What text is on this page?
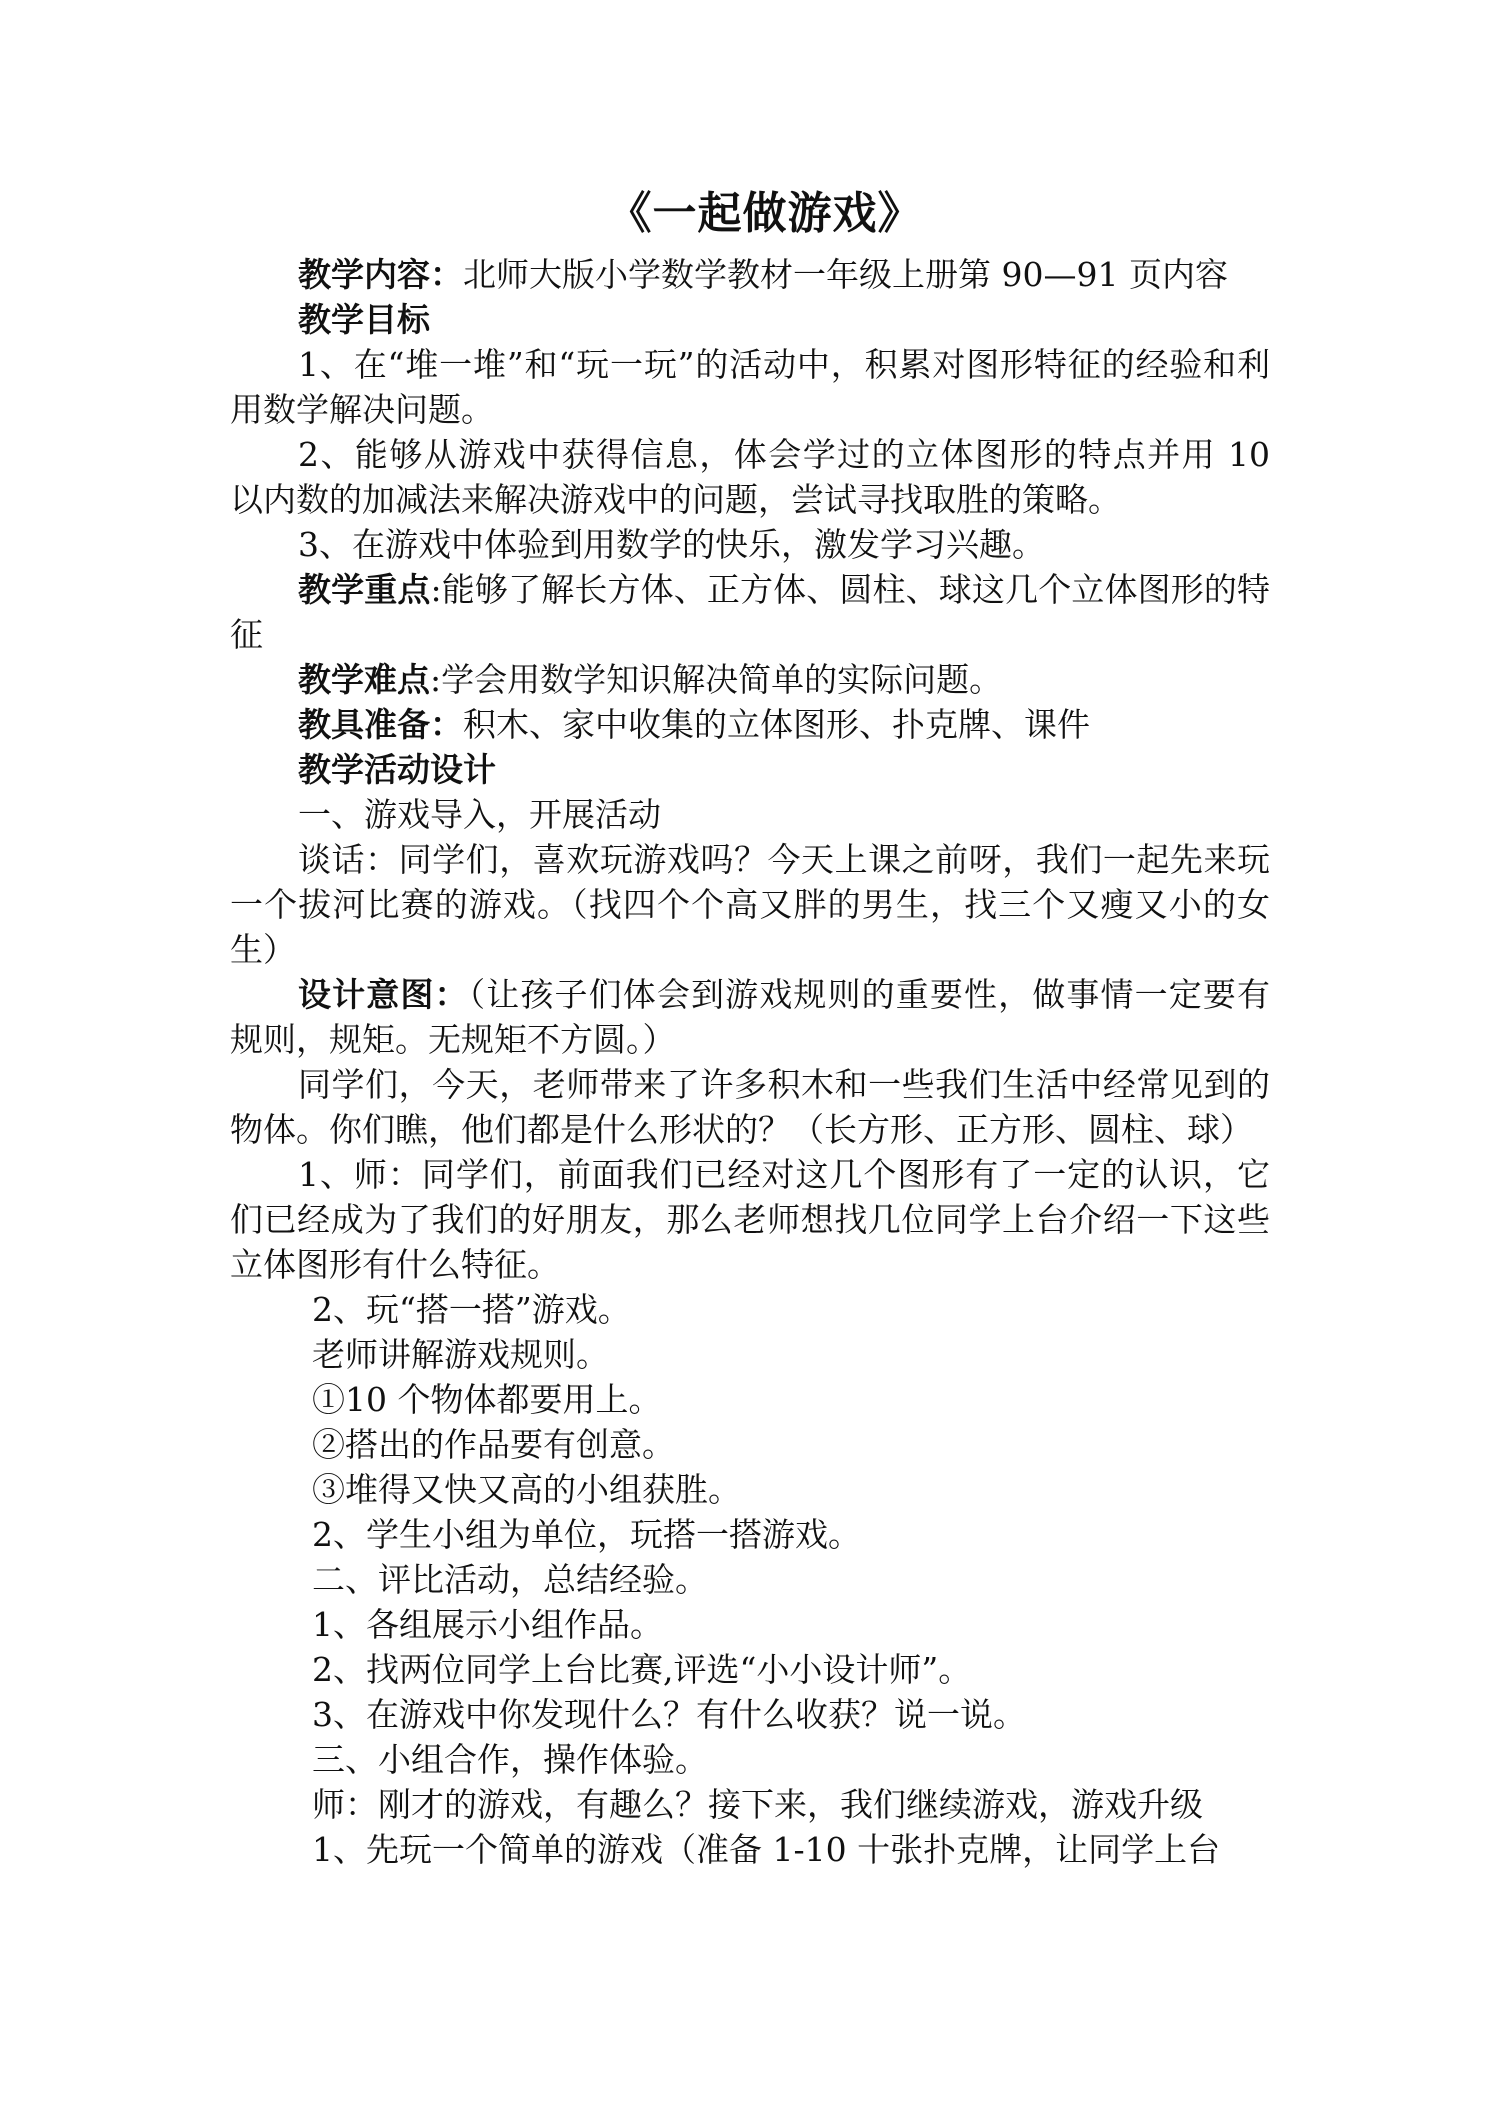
《一起做游戏》

教学内容：北师大版小学数学教材一年级上册第 90—91 页内容

教学目标

1、在“堆一堆”和“玩一玩”的活动中，积累对图形特征的经验和利用数学解决问题。

2、能够从游戏中获得信息，体会学过的立体图形的特点并用 10 以内数的加减法来解决游戏中的问题，尝试寻找取胜的策略。

3、在游戏中体验到用数学的快乐，激发学习兴趣。

教学重点:能够了解长方体、正方体、圆柱、球这几个立体图形的特征

教学难点:学会用数学知识解决简单的实际问题。

教具准备：积木、家中收集的立体图形、扑克牌、课件

教学活动设计

一、游戏导入，开展活动

谈话：同学们，喜欢玩游戏吗？今天上课之前呀，我们一起先来玩一个拔河比赛的游戏。（找四个个高又胖的男生，找三个又瘦又小的女生）

设计意图：（让孩子们体会到游戏规则的重要性，做事情一定要有规则，规矩。无规矩不方圆。）

同学们，今天，老师带来了许多积木和一些我们生活中经常见到的物体。你们瞧，他们都是什么形状的？（长方形、正方形、圆柱、球）

1、师：同学们，前面我们已经对这几个图形有了一定的认识，它们已经成为了我们的好朋友，那么老师想找几位同学上台介绍一下这些立体图形有什么特征。

2、玩“搭一搭”游戏。

老师讲解游戏规则。

①10 个物体都要用上。

②搭出的作品要有创意。

③堆得又快又高的小组获胜。

2、学生小组为单位，玩搭一搭游戏。

二、评比活动，总结经验。

1、各组展示小组作品。

2、找两位同学上台比赛,评选“小小设计师”。

3、在游戏中你发现什么？有什么收获？说一说。

三、小组合作，操作体验。

师：刚才的游戏，有趣么？接下来，我们继续游戏，游戏升级

1、先玩一个简单的游戏（准备 1-10 十张扑克牌，让同学上台
